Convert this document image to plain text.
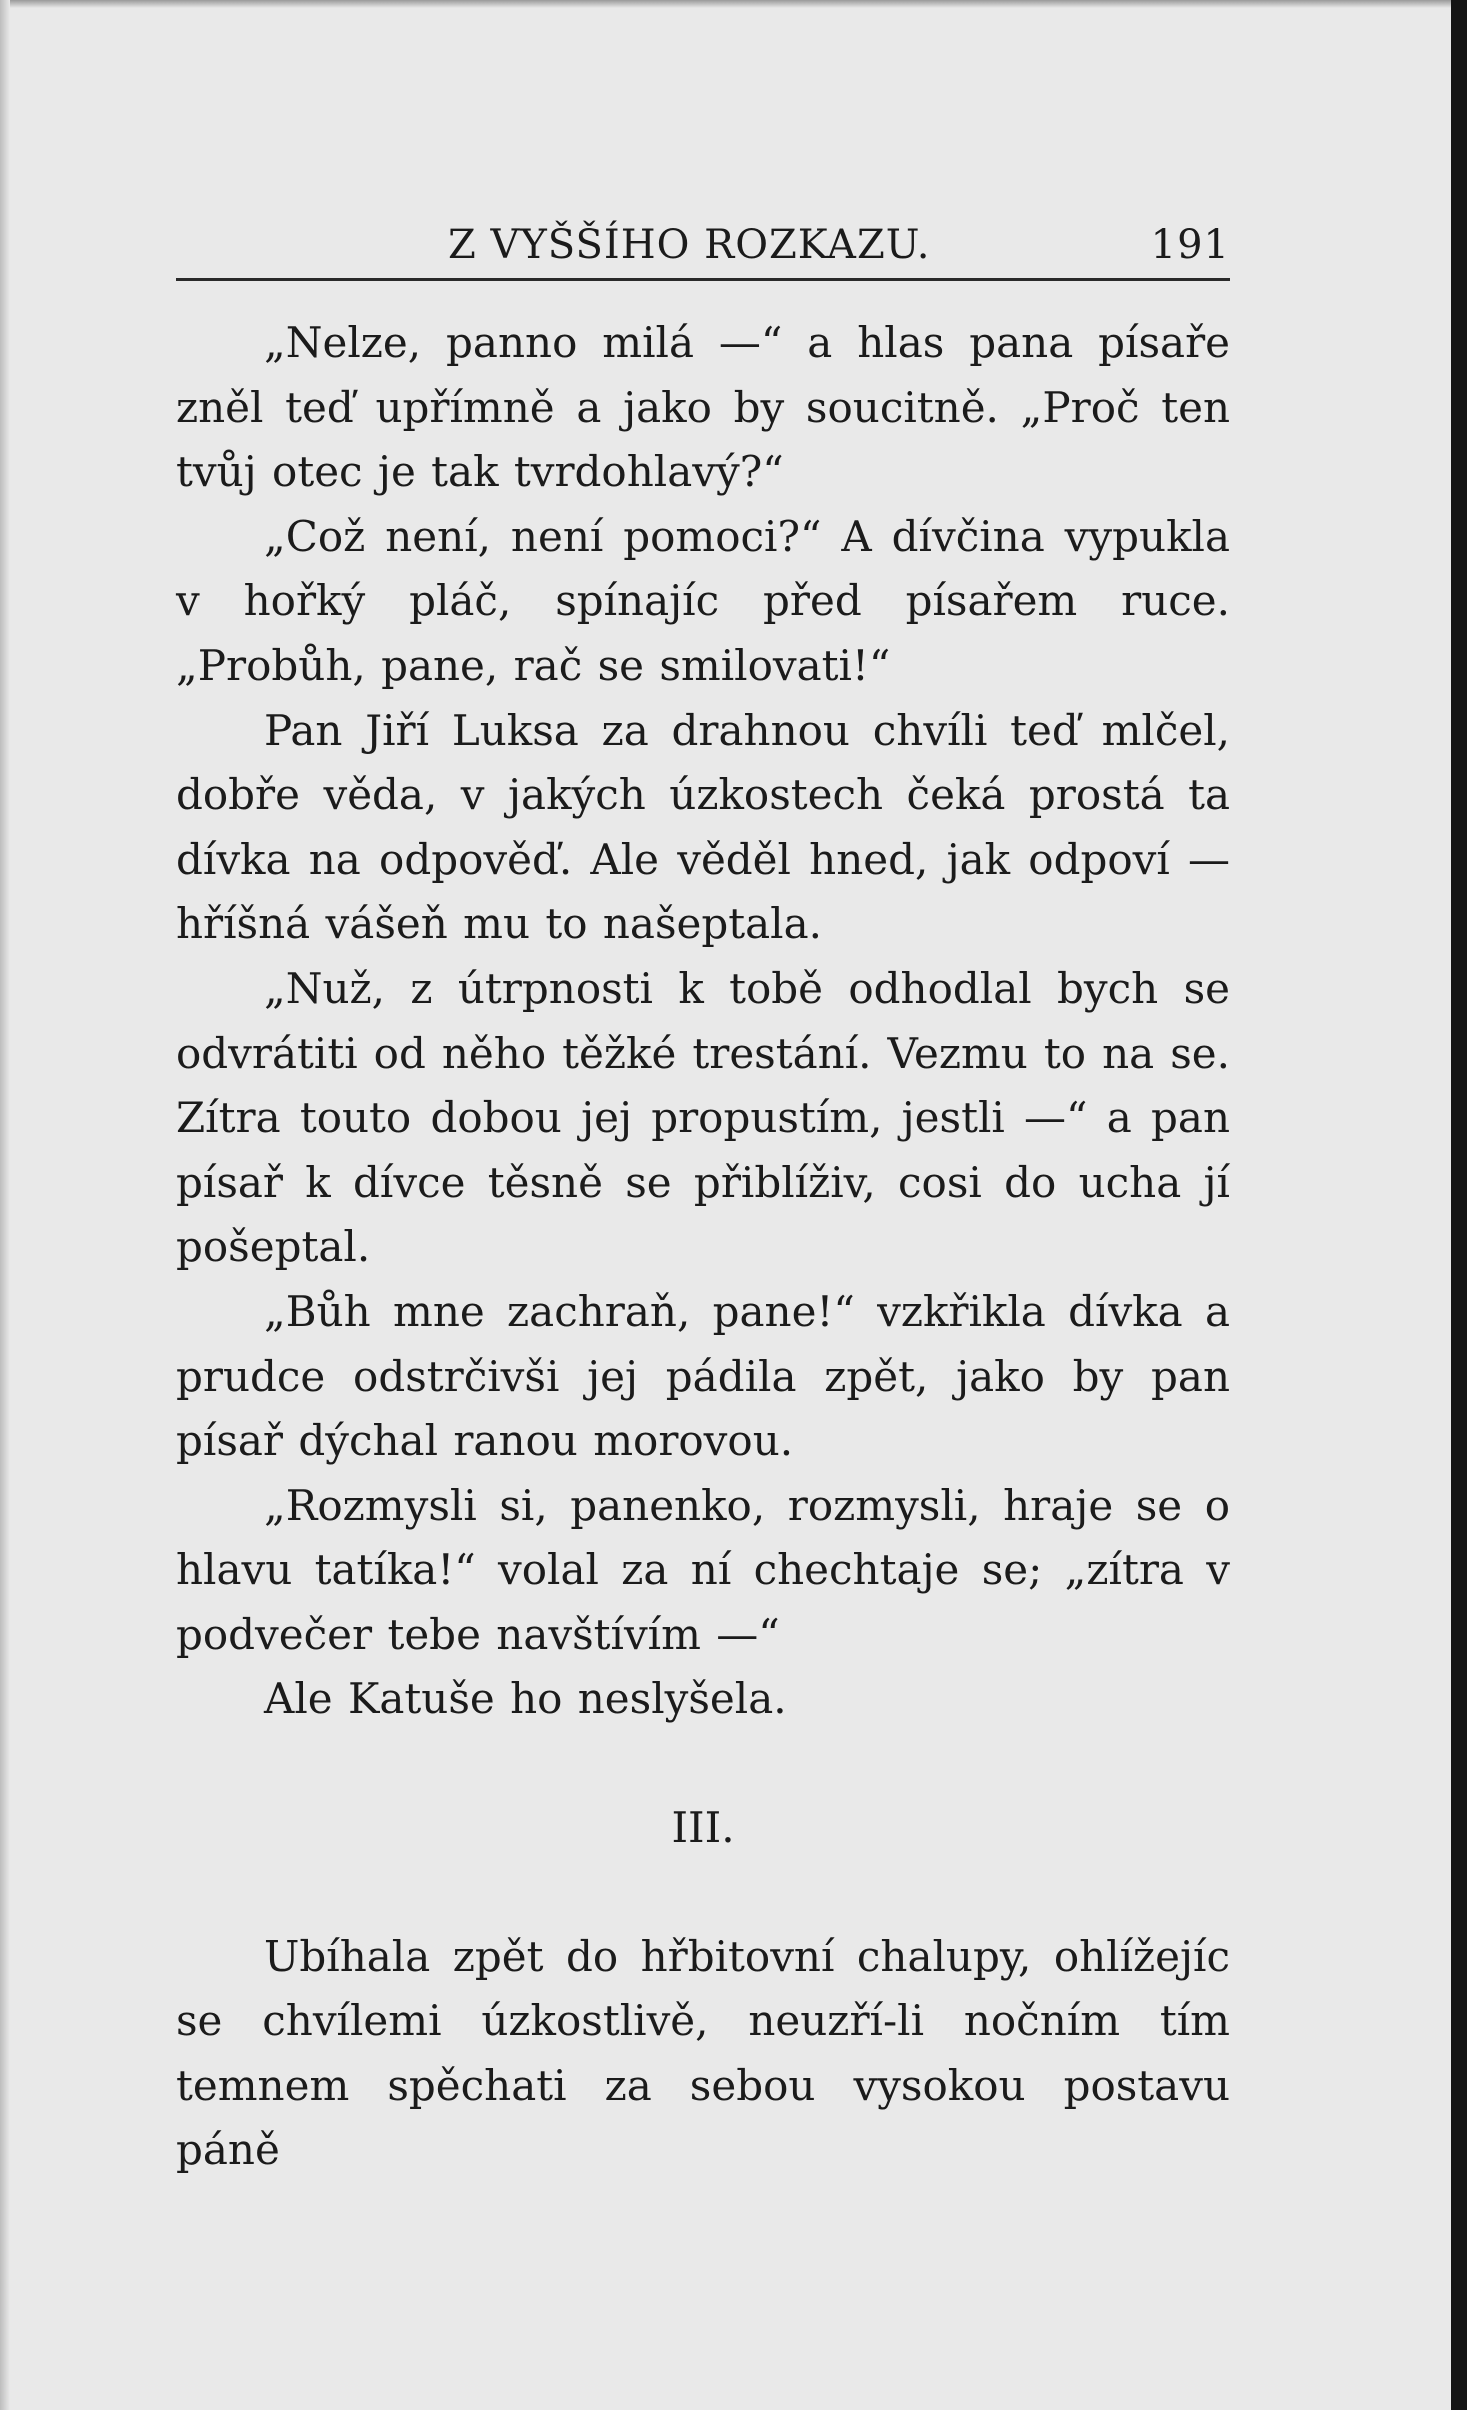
Z VYŠŠÍHO ROZKAZU.	191

„Nelze, panno milá —“ a hlas pana písaře zněl teď upřímně a jako by soucitně. „Proč ten tvůj otec je tak tvrdohlavý?“

„Což není, není pomoci?“ A dívčina vypukla v hořký pláč, spínajíc před písařem ruce. „Probůh, pane, rač se smilovati!“

Pan Jiří Luksa za drahnou chvíli teď mlčel, dobře věda, v jakých úzkostech čeká prostá ta dívka na odpověď. Ale věděl hned, jak odpoví — hříšná vášeň mu to našeptala.

„Nuž, z útrpnosti k tobě odhodlal bych se odvrátiti od něho těžké trestání. Vezmu to na se. Zítra touto dobou jej propustím, jestli —“ a pan písař k dívce těsně se přiblíživ, cosi do ucha jí pošeptal.

„Bůh mne zachraň, pane!“ vzkřikla dívka a prudce odstrčivši jej pádila zpět, jako by pan písař dýchal ranou morovou.

„Rozmysli si, panenko, rozmysli, hraje se o hlavu tatíka!“ volal za ní chechtaje se; „zítra v podvečer tebe navštívím —“

Ale Katuše ho neslyšela.

III.

Ubíhala zpět do hřbitovní chalupy, ohlížejíc se chvílemi úzkostlivě, neuzří-li nočním tím temnem spěchati za sebou vysokou postavu páně
